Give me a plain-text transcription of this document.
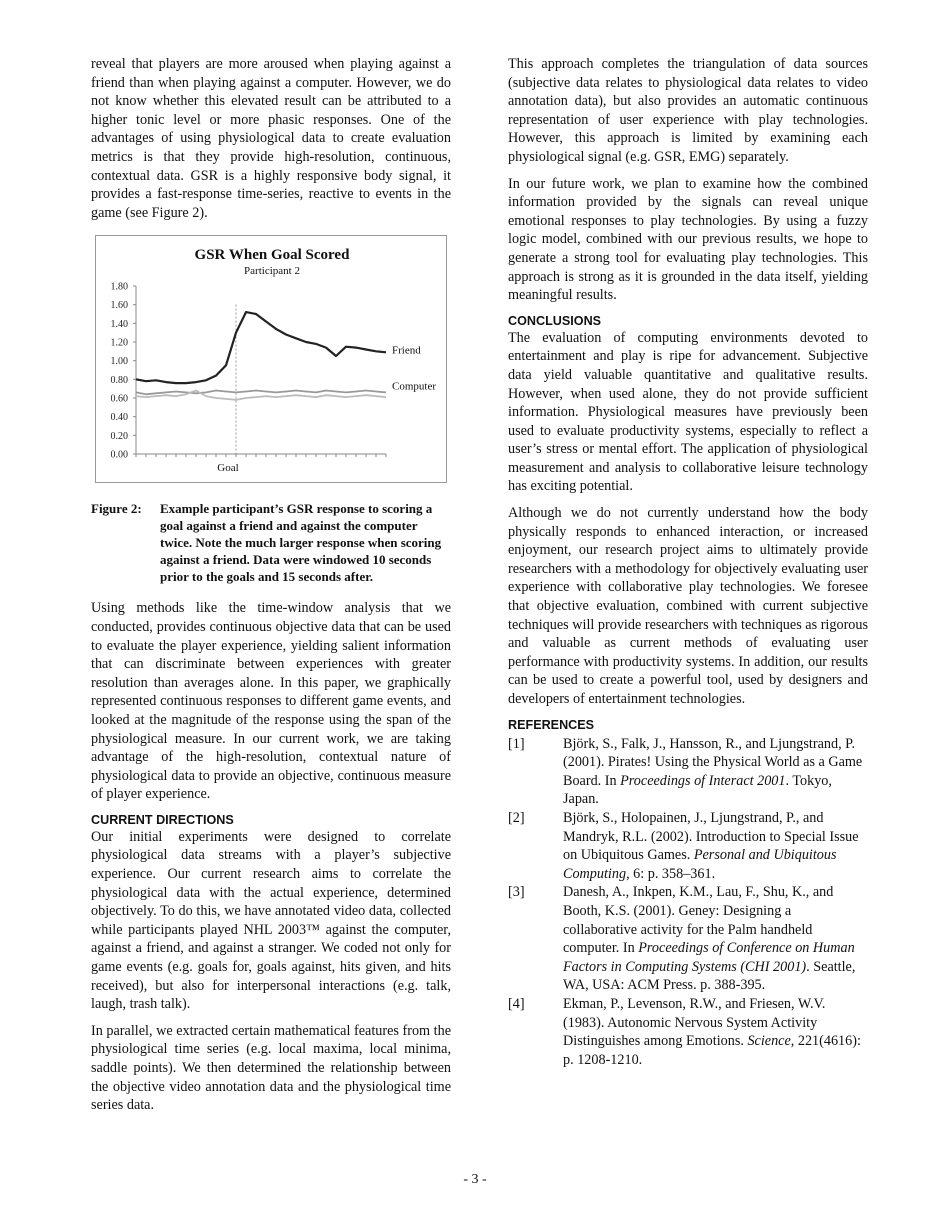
reveal that players are more aroused when playing against a friend than when playing against a computer. However, we do not know whether this elevated result can be attributed to a higher tonic level or more phasic responses. One of the advantages of using physiological data to create evaluation metrics is that they provide high-resolution, continuous, contextual data. GSR is a highly responsive body signal, it provides a fast-response time-series, reactive to events in the game (see Figure 2).

GSR When Goal Scored
Participant 2
0.00
0.20
0.40
0.60
0.80
1.00
1.20
1.40
1.60
1.80
Goal
Friend
Computer
Figure 2:	Example participant’s GSR response to scoring a goal against a friend and against the computer twice. Note the much larger response when scoring against a friend. Data were windowed 10 seconds prior to the goals and 15 seconds after.

Using methods like the time-window analysis that we conducted, provides continuous objective data that can be used to evaluate the player experience, yielding salient information that can discriminate between experiences with greater resolution than averages alone. In this paper, we graphically represented continuous responses to different game events, and looked at the magnitude of the response using the span of the physiological measure. In our current work, we are taking advantage of the high-resolution, contextual nature of physiological data to provide an objective, continuous measure of player experience.

CURRENT DIRECTIONS

Our initial experiments were designed to correlate physiological data streams with a player’s subjective experience. Our current research aims to correlate the physiological data with the actual experience, determined objectively. To do this, we have annotated video data, collected while participants played NHL 2003™ against the computer, against a friend, and against a stranger. We coded not only for game events (e.g. goals for, goals against, hits given, and hits received), but also for interpersonal interactions (e.g. talk, laugh, trash talk).

In parallel, we extracted certain mathematical features from the physiological time series (e.g. local maxima, local minima, saddle points). We then determined the relationship between the objective video annotation data and the physiological time series data.

This approach completes the triangulation of data sources (subjective data relates to physiological data relates to video annotation data), but also provides an automatic continuous representation of user experience with play technologies. However, this approach is limited by examining each physiological signal (e.g. GSR, EMG) separately.

In our future work, we plan to examine how the combined information provided by the signals can reveal unique emotional responses to play technologies. By using a fuzzy logic model, combined with our previous results, we hope to generate a strong tool for evaluating play technologies. This approach is strong as it is grounded in the data itself, yielding meaningful results.

CONCLUSIONS

The evaluation of computing environments devoted to entertainment and play is ripe for advancement. Subjective data yield valuable quantitative and qualitative results. However, when used alone, they do not provide sufficient information. Physiological measures have previously been used to evaluate productivity systems, especially to reflect a user’s stress or mental effort. The application of physiological measurement and analysis to collaborative leisure technology has exciting potential.

Although we do not currently understand how the body physically responds to enhanced interaction, or increased enjoyment, our research project aims to ultimately provide researchers with a methodology for objectively evaluating user experience with collaborative play technologies. We foresee that objective evaluation, combined with current subjective techniques will provide researchers with techniques as rigorous and valuable as current methods of evaluating user performance with productivity systems. In addition, our results can be used to create a powerful tool, used by designers and developers of entertainment technologies.

REFERENCES
[1]	Björk, S., Falk, J., Hansson, R., and Ljungstrand, P. (2001). Pirates! Using the Physical World as a Game Board. In Proceedings of Interact 2001. Tokyo, Japan.
[2]	Björk, S., Holopainen, J., Ljungstrand, P., and Mandryk, R.L. (2002). Introduction to Special Issue on Ubiquitous Games. Personal and Ubiquitous Computing, 6: p. 358–361.
[3]	Danesh, A., Inkpen, K.M., Lau, F., Shu, K., and Booth, K.S. (2001). Geney: Designing a collaborative activity for the Palm handheld computer. In Proceedings of Conference on Human Factors in Computing Systems (CHI 2001). Seattle, WA, USA: ACM Press. p. 388-395.
[4]	Ekman, P., Levenson, R.W., and Friesen, W.V. (1983). Autonomic Nervous System Activity Distinguishes among Emotions. Science, 221(4616): p. 1208-1210.
- 3 -
